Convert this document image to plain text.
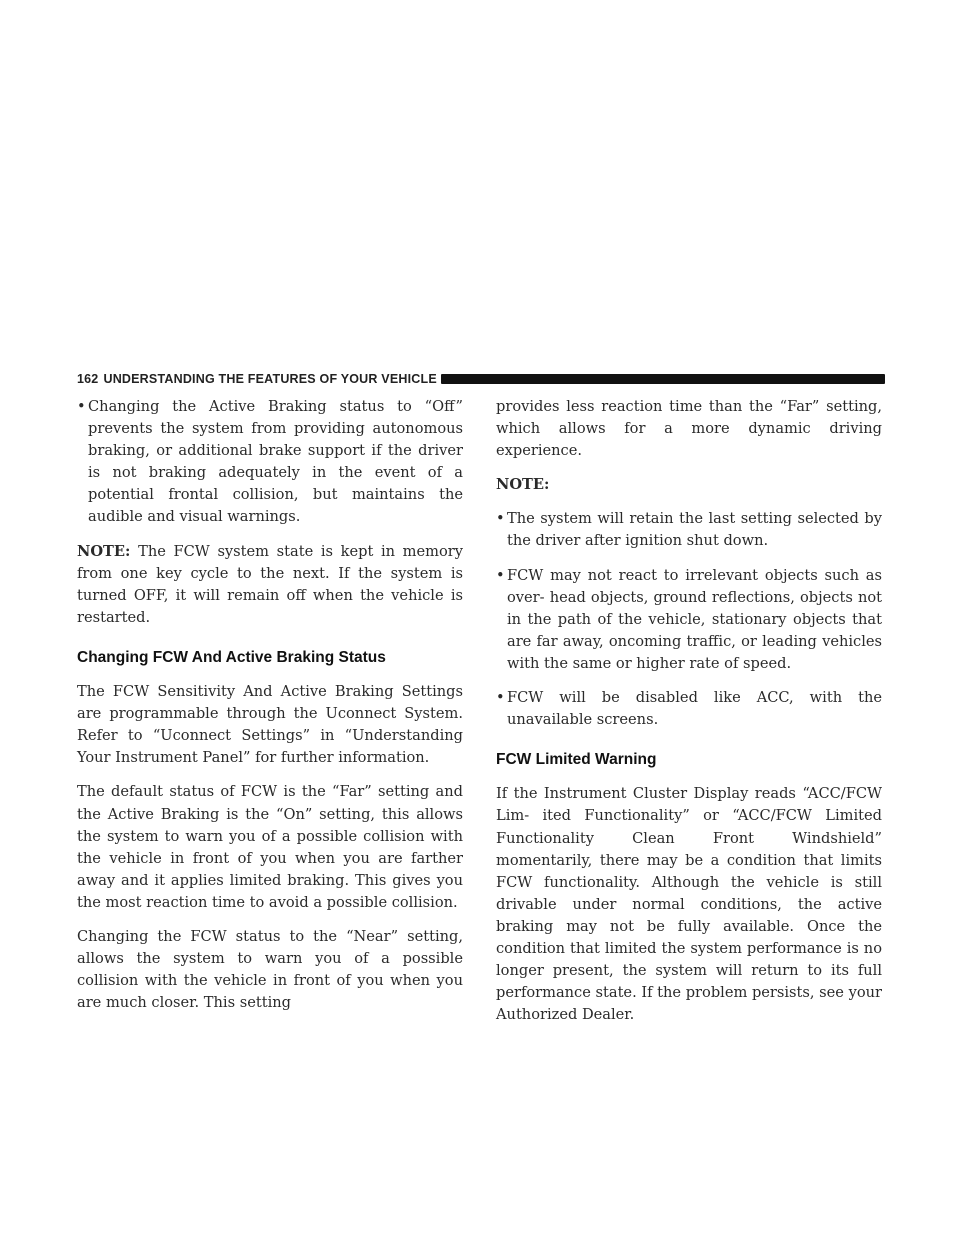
162 UNDERSTANDING THE FEATURES OF YOUR VEHICLE
• Changing the Active Braking status to “Off” prevents the system from providing autonomous braking, or additional brake support if the driver is not braking adequately in the event of a potential frontal collision, but maintains the audible and visual warnings.

NOTE: The FCW system state is kept in memory from one key cycle to the next. If the system is turned OFF, it will remain off when the vehicle is restarted.

Changing FCW And Active Braking Status

The FCW Sensitivity And Active Braking Settings are programmable through the Uconnect System. Refer to “Uconnect Settings” in “Understanding Your Instrument Panel” for further information.

The default status of FCW is the “Far” setting and the Active Braking is the “On” setting, this allows the system to warn you of a possible collision with the vehicle in front of you when you are farther away and it applies limited braking. This gives you the most reaction time to avoid a possible collision.

Changing the FCW status to the “Near” setting, allows the system to warn you of a possible collision with the vehicle in front of you when you are much closer. This setting

provides less reaction time than the “Far” setting, which allows for a more dynamic driving experience.

NOTE:

• The system will retain the last setting selected by the driver after ignition shut down.
• FCW may not react to irrelevant objects such as over- head objects, ground reflections, objects not in the path of the vehicle, stationary objects that are far away, oncoming traffic, or leading vehicles with the same or higher rate of speed.
• FCW will be disabled like ACC, with the unavailable screens.
FCW Limited Warning

If the Instrument Cluster Display reads “ACC/FCW Lim- ited Functionality” or “ACC/FCW Limited Functionality Clean Front Windshield” momentarily, there may be a condition that limits FCW functionality. Although the vehicle is still drivable under normal conditions, the active braking may not be fully available. Once the condition that limited the system performance is no longer present, the system will return to its full performance state. If the problem persists, see your Authorized Dealer.
